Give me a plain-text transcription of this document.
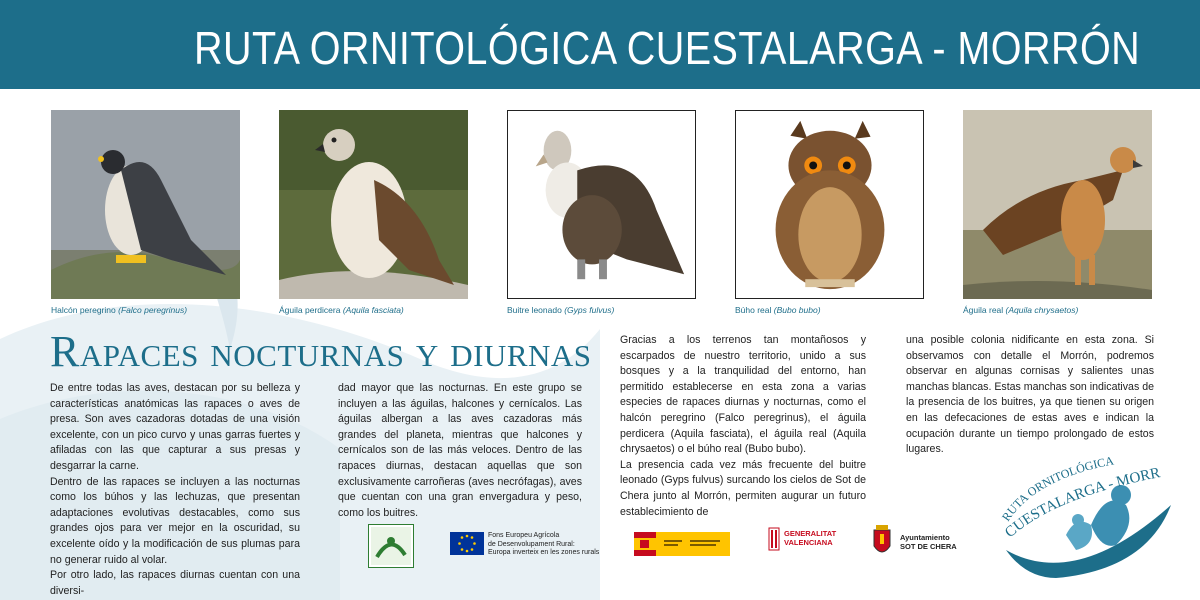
RUTA ORNITOLÓGICA CUESTALARGA - MORRÓN
Halcón peregrino (Falco peregrinus)	Águila perdicera (Aquila fasciata)	Buitre leonado (Gyps fulvus)	Búho real (Bubo bubo)	Águila real (Aquila chrysaetos)
Rapaces nocturnas y diurnas

De entre todas las aves, destacan por su belleza y características anatómicas las rapaces o aves de presa. Son aves cazadoras dotadas de una visión excelente, con un pico curvo y unas garras fuertes y afiladas con las que capturar a sus presas y desgarrar la carne.

Dentro de las rapaces se incluyen a las nocturnas como los búhos y las lechuzas, que presentan adaptaciones evolutivas destacables, como sus grandes ojos para ver mejor en la oscuridad, su excelente oído y la modificación de sus plumas para no generar ruido al volar.

Por otro lado, las rapaces diurnas cuentan con una diversi-

dad mayor que las nocturnas. En este grupo se incluyen a las águilas, halcones y cernícalos. Las águilas albergan a las aves cazadoras más grandes del planeta, mientras que halcones y cernícalos son de las más veloces. Dentro de las rapaces diurnas, destacan aquellas que son exclusivamente carroñeras (aves necrófagas), aves que cuentan con una gran envergadura y peso, como los buitres.

Gracias a los terrenos tan montañosos y escarpados de nuestro territorio, unido a sus bosques y a la tranquilidad del entorno, han permitido establecerse en esta zona a varias especies de rapaces diurnas y nocturnas, como el halcón peregrino (Falco peregrinus), el águila perdicera (Aquila fasciata), el águila real (Aquila chrysaetos) o el búho real (Bubo bubo).

La presencia cada vez más frecuente del buitre leonado (Gyps fulvus) surcando los cielos de Sot de Chera junto al Morrón, permiten augurar un futuro establecimiento de

una posible colonia nidificante en esta zona. Si observamos con detalle el Morrón, podremos observar en algunas cornisas y salientes unas manchas blancas. Estas manchas son indicativas de la presencia de los buitres, ya que tienen su origen en las defecaciones de estas aves e indican la ocupación durante un tiempo prolongado de estos lugares.

Fons Europeu Agrícola
de Desenvolupament Rural:
Europa inverteix en les zones rurals
GENERALITAT
VALENCIANA	Ayuntamiento
SOT DE CHERA
RUTA ORNITOLÓGICA
CUESTALARGA - MORR
